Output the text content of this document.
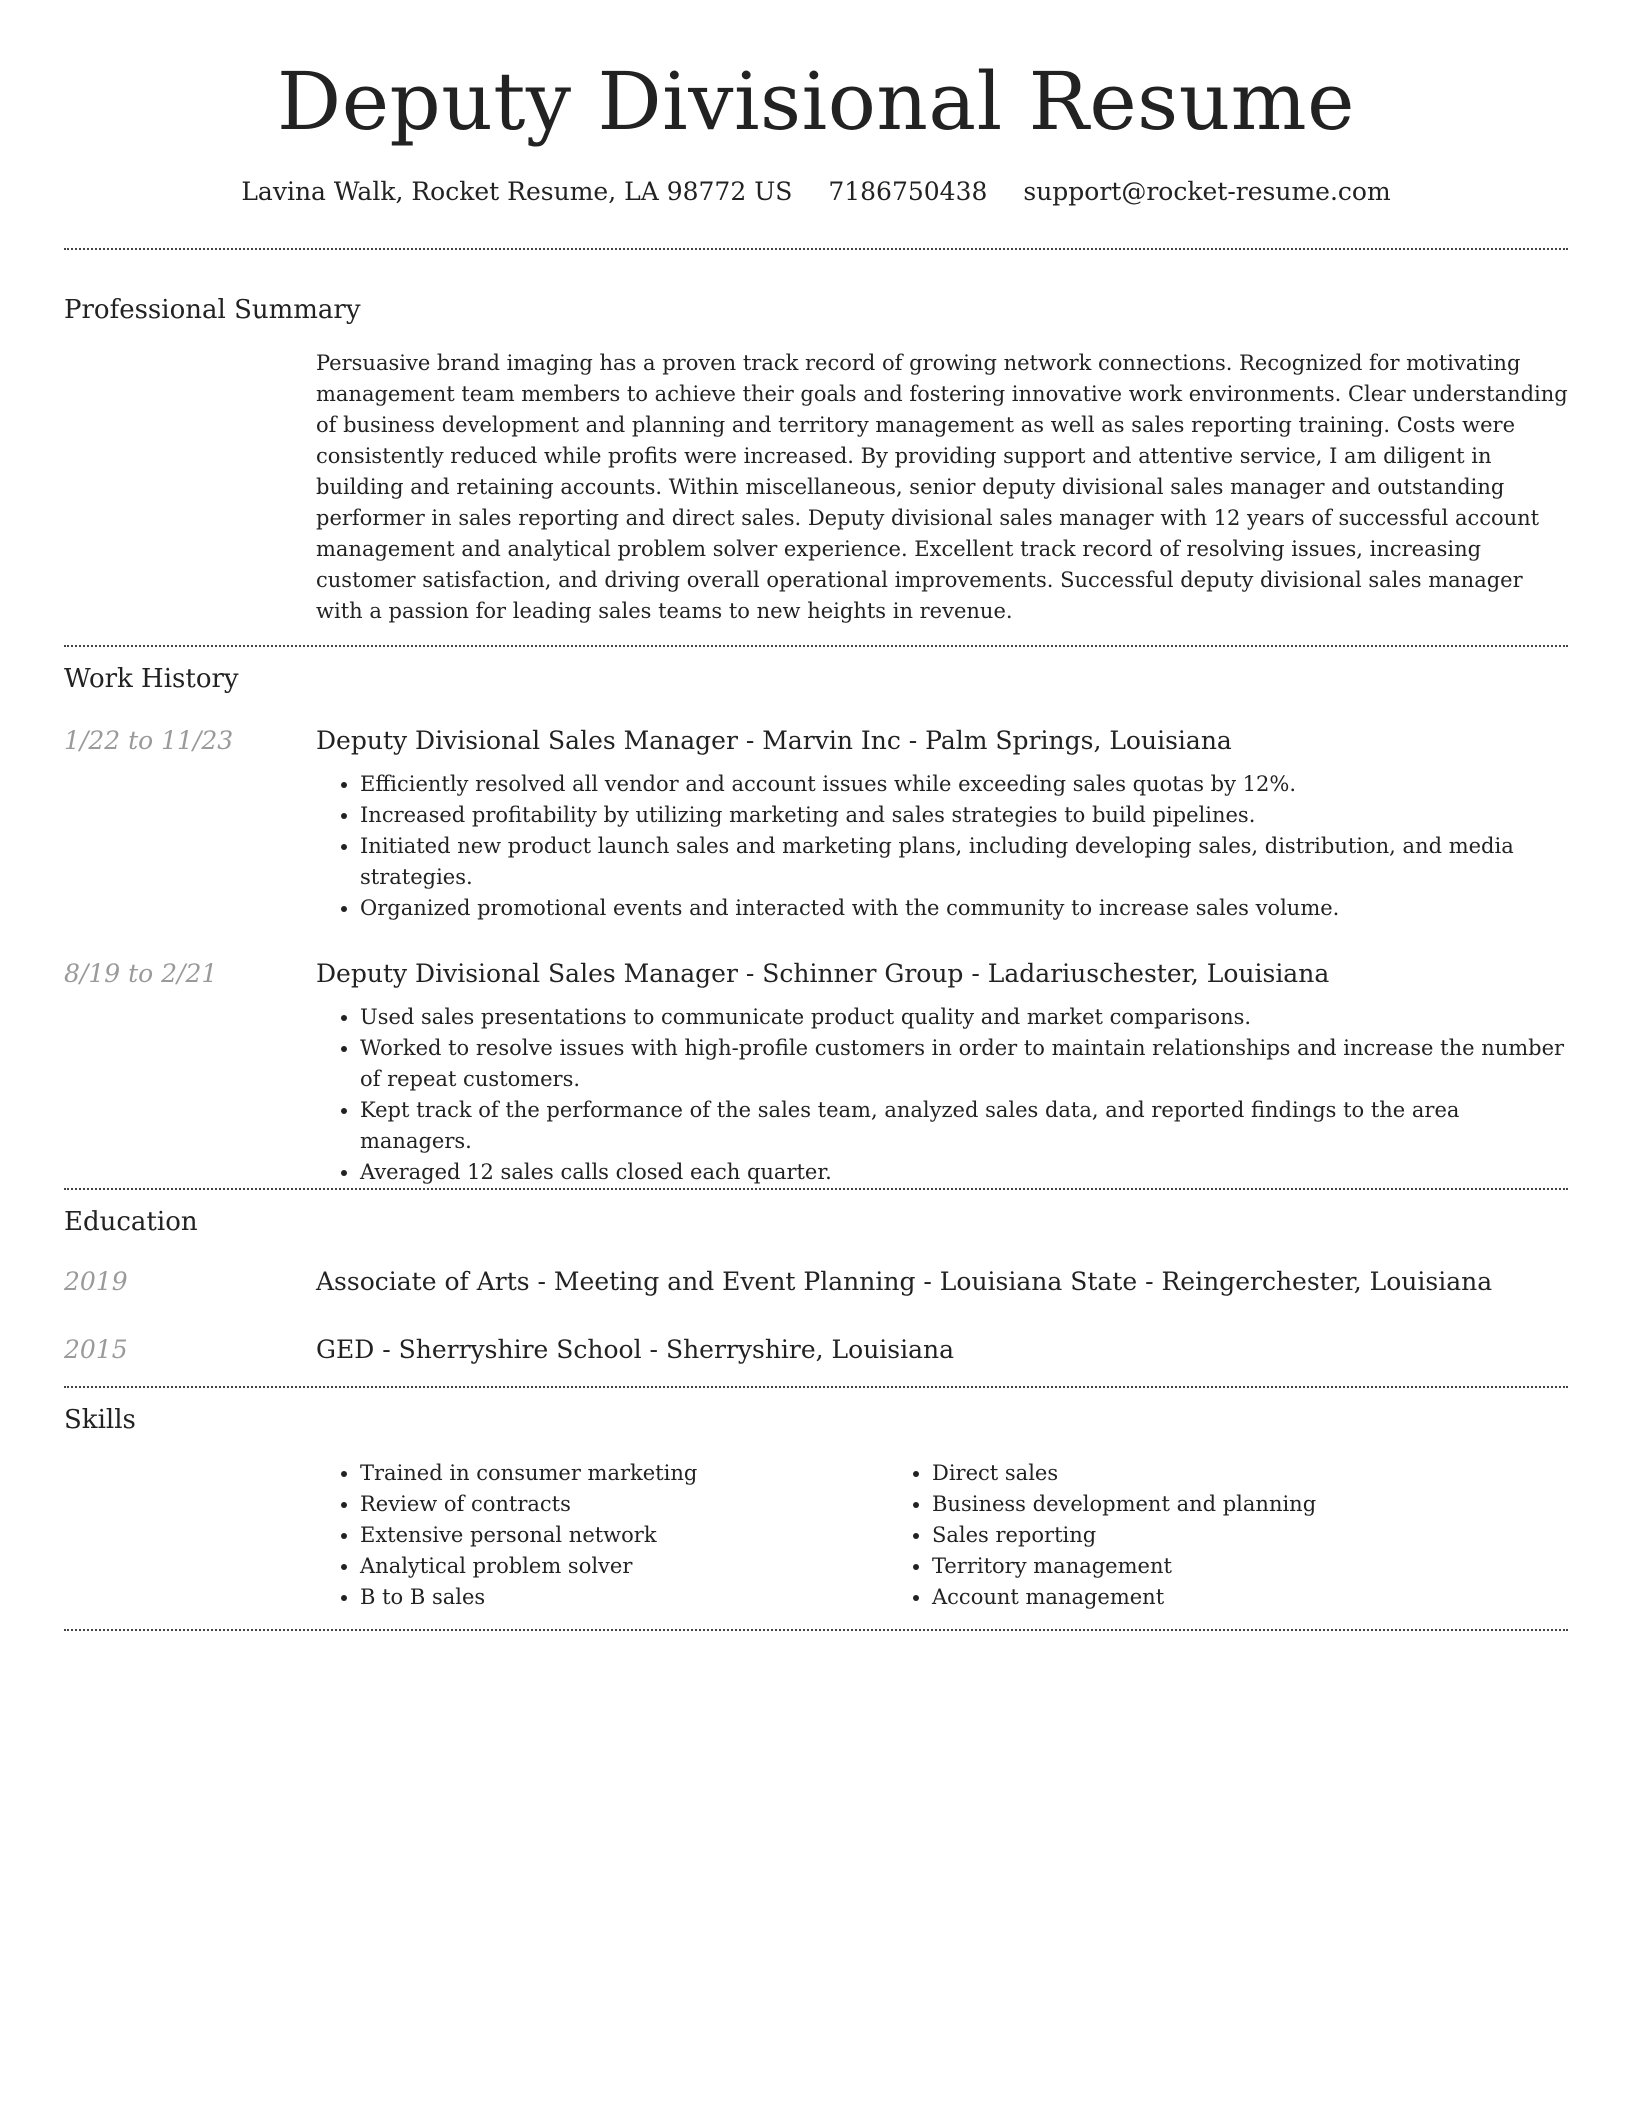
Deputy Divisional Resume
Lavina Walk, Rocket Resume, LA 98772 US 7186750438 support@rocket-resume.com
Professional Summary
Persuasive brand imaging has a proven track record of growing network connections. Recognized for motivating management team members to achieve their goals and fostering innovative work environments. Clear understanding of business development and planning and territory management as well as sales reporting training. Costs were consistently reduced while profits were increased. By providing support and attentive service, I am diligent in building and retaining accounts. Within miscellaneous, senior deputy divisional sales manager and outstanding performer in sales reporting and direct sales. Deputy divisional sales manager with 12 years of successful account management and analytical problem solver experience. Excellent track record of resolving issues, increasing customer satisfaction, and driving overall operational improvements. Successful deputy divisional sales manager with a passion for leading sales teams to new heights in revenue.
Work History
1/22 to 11/23	Deputy Divisional Sales Manager - Marvin Inc - Palm Springs, Louisiana
• Efficiently resolved all vendor and account issues while exceeding sales quotas by 12%.
• Increased profitability by utilizing marketing and sales strategies to build pipelines.
• Initiated new product launch sales and marketing plans, including developing sales, distribution, and media strategies.
• Organized promotional events and interacted with the community to increase sales volume.
8/19 to 2/21	Deputy Divisional Sales Manager - Schinner Group - Ladariuschester, Louisiana
• Used sales presentations to communicate product quality and market comparisons.
• Worked to resolve issues with high-profile customers in order to maintain relationships and increase the number of repeat customers.
• Kept track of the performance of the sales team, analyzed sales data, and reported findings to the area managers.
• Averaged 12 sales calls closed each quarter.
Education
2019	Associate of Arts - Meeting and Event Planning - Louisiana State - Reingerchester, Louisiana
2015	GED - Sherryshire School - Sherryshire, Louisiana
Skills
• Trained in consumer marketing
• Review of contracts
• Extensive personal network
• Analytical problem solver
• B to B sales
• Direct sales
• Business development and planning
• Sales reporting
• Territory management
• Account management
